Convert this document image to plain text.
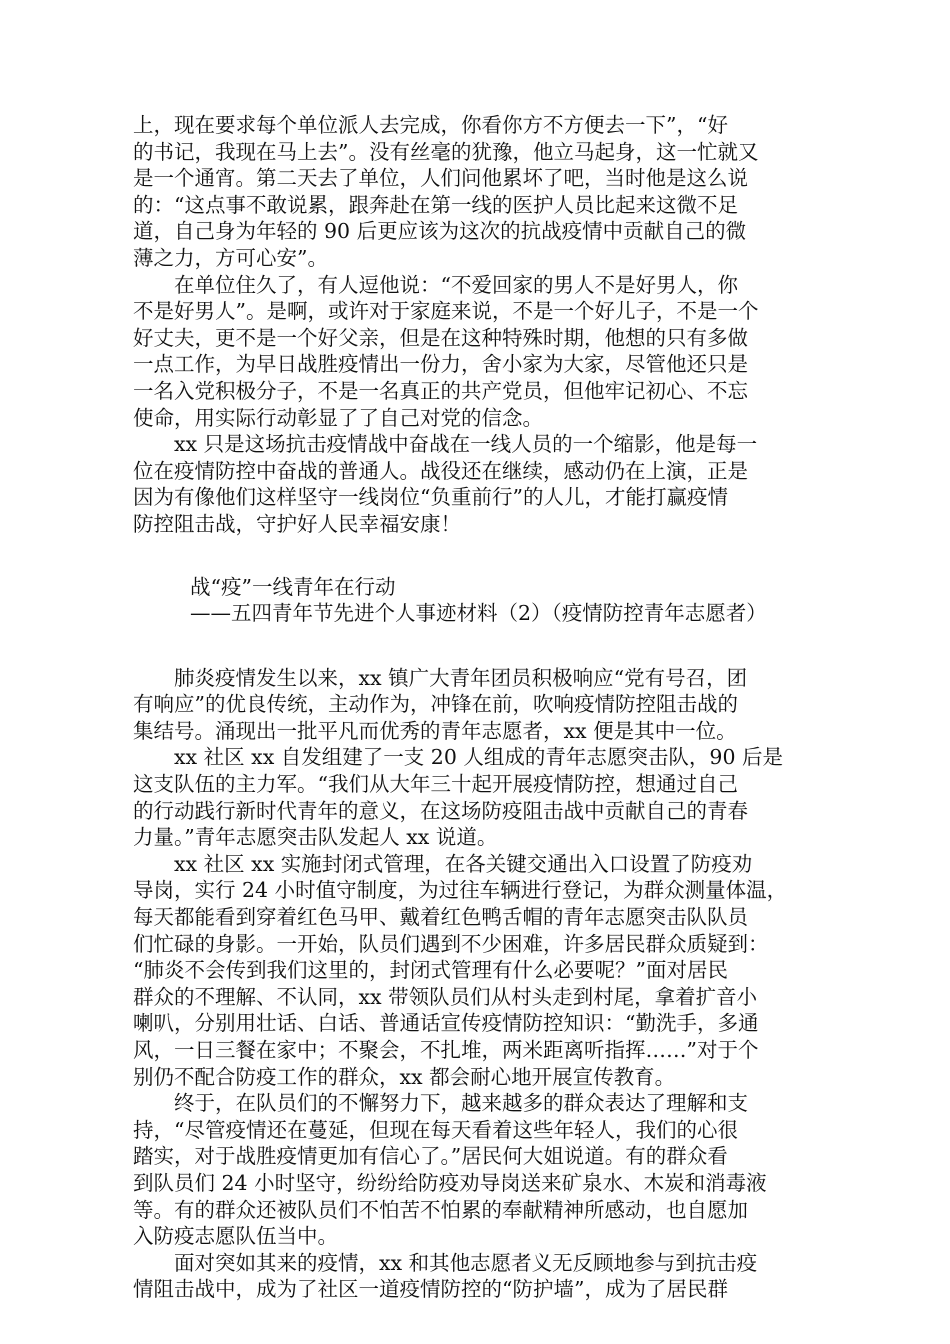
上，现在要求每个单位派人去完成，你看你方不方便去一下”，“好
的书记，我现在马上去”。没有丝毫的犹豫，他立马起身，这一忙就又
是一个通宵。第二天去了单位，人们问他累坏了吧，当时他是这么说
的：“这点事不敢说累，跟奔赴在第一线的医护人员比起来这微不足
道，自己身为年轻的 90 后更应该为这次的抗战疫情中贡献自己的微
薄之力，方可心安”。

　　在单位住久了，有人逗他说：“不爱回家的男人不是好男人，你
不是好男人”。是啊，或许对于家庭来说，不是一个好儿子，不是一个
好丈夫，更不是一个好父亲，但是在这种特殊时期，他想的只有多做
一点工作，为早日战胜疫情出一份力，舍小家为大家，尽管他还只是
一名入党积极分子，不是一名真正的共产党员，但他牢记初心、不忘
使命，用实际行动彰显了了自己对党的信念。

　　xx 只是这场抗击疫情战中奋战在一线人员的一个缩影，他是每一
位在疫情防控中奋战的普通人。战役还在继续，感动仍在上演，正是
因为有像他们这样坚守一线岗位“负重前行”的人儿，才能打赢疫情
防控阻击战，守护好人民幸福安康！

战“疫”一线青年在行动
——五四青年节先进个人事迹材料（2）（疫情防控青年志愿者）

　　肺炎疫情发生以来，xx 镇广大青年团员积极响应“党有号召，团
有响应”的优良传统，主动作为，冲锋在前，吹响疫情防控阻击战的
集结号。涌现出一批平凡而优秀的青年志愿者，xx 便是其中一位。

　　xx 社区 xx 自发组建了一支 20 人组成的青年志愿突击队，90 后是
这支队伍的主力军。“我们从大年三十起开展疫情防控，想通过自己
的行动践行新时代青年的意义，在这场防疫阻击战中贡献自己的青春
力量。”青年志愿突击队发起人 xx 说道。

　　xx 社区 xx 实施封闭式管理，在各关键交通出入口设置了防疫劝
导岗，实行 24 小时值守制度，为过往车辆进行登记，为群众测量体温，
每天都能看到穿着红色马甲、戴着红色鸭舌帽的青年志愿突击队队员
们忙碌的身影。一开始，队员们遇到不少困难，许多居民群众质疑到：
“肺炎不会传到我们这里的，封闭式管理有什么必要呢？”面对居民
群众的不理解、不认同，xx 带领队员们从村头走到村尾，拿着扩音小
喇叭，分别用壮话、白话、普通话宣传疫情防控知识：“勤洗手，多通
风，一日三餐在家中；不聚会，不扎堆，两米距离听指挥……”对于个
别仍不配合防疫工作的群众，xx 都会耐心地开展宣传教育。

　　终于，在队员们的不懈努力下，越来越多的群众表达了理解和支
持，“尽管疫情还在蔓延，但现在每天看着这些年轻人，我们的心很
踏实，对于战胜疫情更加有信心了。”居民何大姐说道。有的群众看
到队员们 24 小时坚守，纷纷给防疫劝导岗送来矿泉水、木炭和消毒液
等。有的群众还被队员们不怕苦不怕累的奉献精神所感动，也自愿加
入防疫志愿队伍当中。

　　面对突如其来的疫情，xx 和其他志愿者义无反顾地参与到抗击疫
情阻击战中，成为了社区一道疫情防控的“防护墙”，成为了居民群
